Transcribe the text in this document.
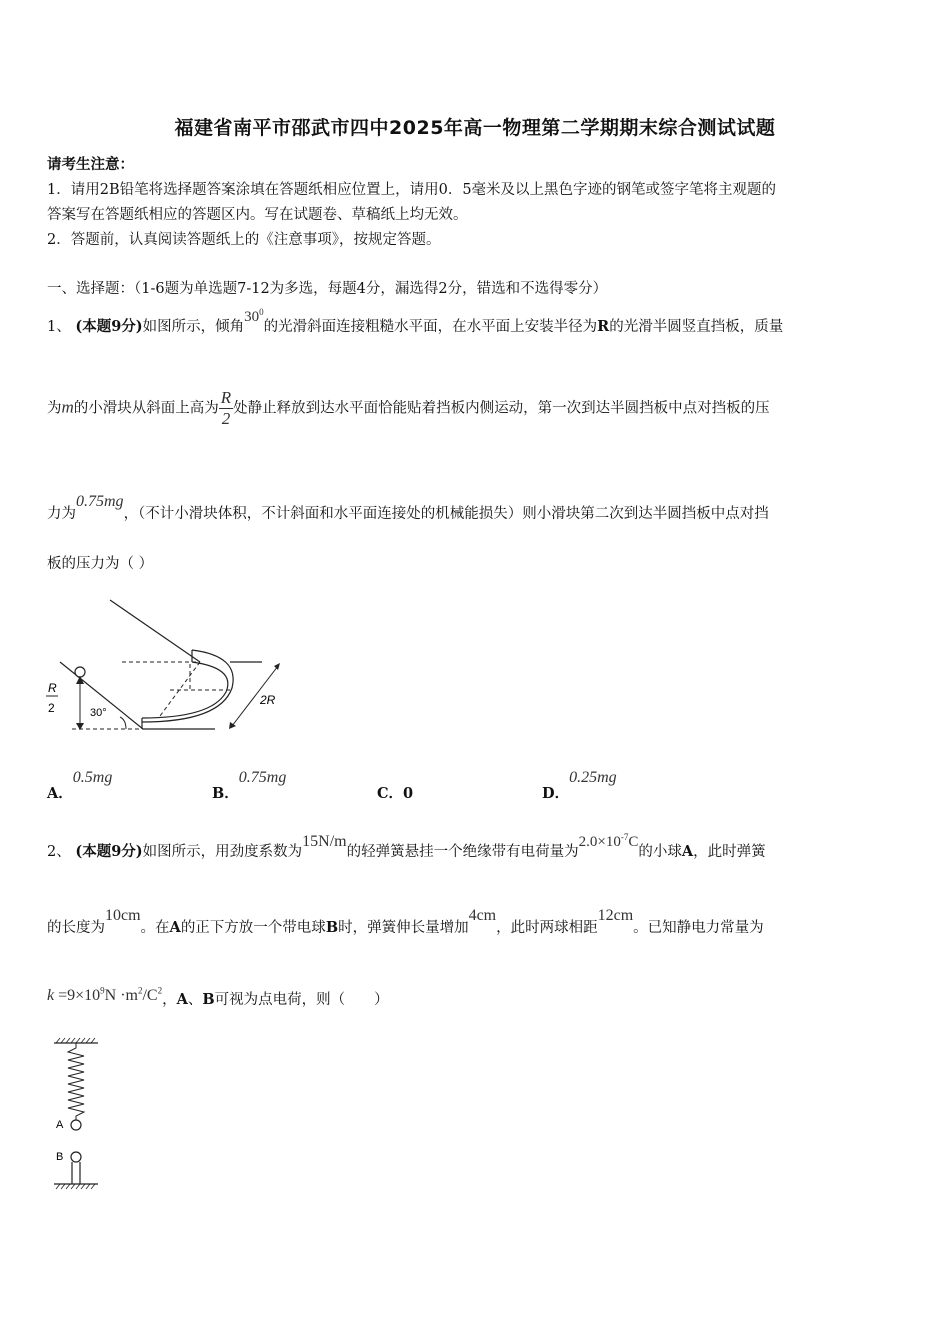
福建省南平市邵武市四中2025年高一物理第二学期期末综合测试试题
请考生注意：
1．请用2B铅笔将选择题答案涂填在答题纸相应位置上，请用0．5毫米及以上黑色字迹的钢笔或签字笔将主观题的
答案写在答题纸相应的答题区内。写在试题卷、草稿纸上均无效。
2．答题前，认真阅读答题纸上的《注意事项》，按规定答题。
一、选择题：（1-6题为单选题7-12为多选，每题4分，漏选得2分，错选和不选得零分）
1、 (本题9分)如图所示，倾角$30^0$的光滑斜面连接粗糙水平面，在水平面上安装半径为R的光滑半圆竖直挡板，质量
为m的小滑块从斜面上高为 $\frac{R}{2}$ 处静止释放到达水平面恰能贴着挡板内侧运动，第一次到达半圆挡板中点对挡板的压
力为0.75mg，（不计小滑块体积，不计斜面和水平面连接处的机械能损失）则小滑块第二次到达半圆挡板中点对挡
板的压力为（ ）
R
2	30°
2R
A．0.5mg
B．0.75mg
C．0	D．0.25mg
2、 (本题9分)如图所示，用劲度系数为15N/m的轻弹簧悬挂一个绝缘带有电荷量为$2.0\times 10^{-7}C$的小球A，此时弹簧
的长度为10cm。在A的正下方放一个带电球B时，弹簧伸长量增加4cm，此时两球相距12cm。已知静电力常量为
$k =9\times 10^9N \cdot m^2/C^2$，A、B可视为点电荷，则（　　）
A
B
